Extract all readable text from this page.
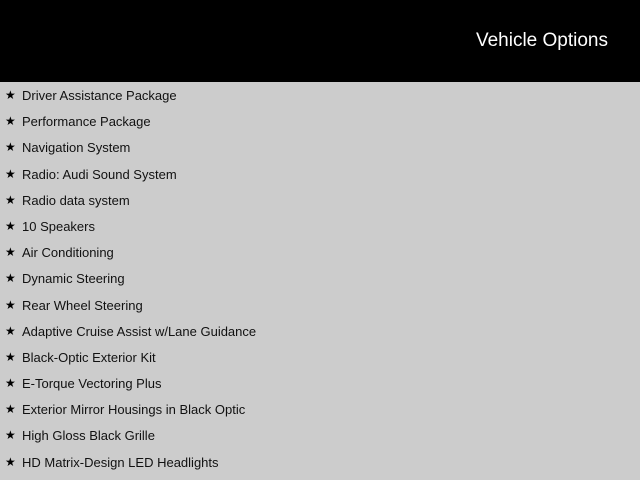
Vehicle Options
★ Driver Assistance Package
★ Performance Package
★ Navigation System
★ Radio: Audi Sound System
★ Radio data system
★ 10 Speakers
★ Air Conditioning
★ Dynamic Steering
★ Rear Wheel Steering
★ Adaptive Cruise Assist w/Lane Guidance
★ Black-Optic Exterior Kit
★ E-Torque Vectoring Plus
★ Exterior Mirror Housings in Black Optic
★ High Gloss Black Grille
★ HD Matrix-Design LED Headlights
